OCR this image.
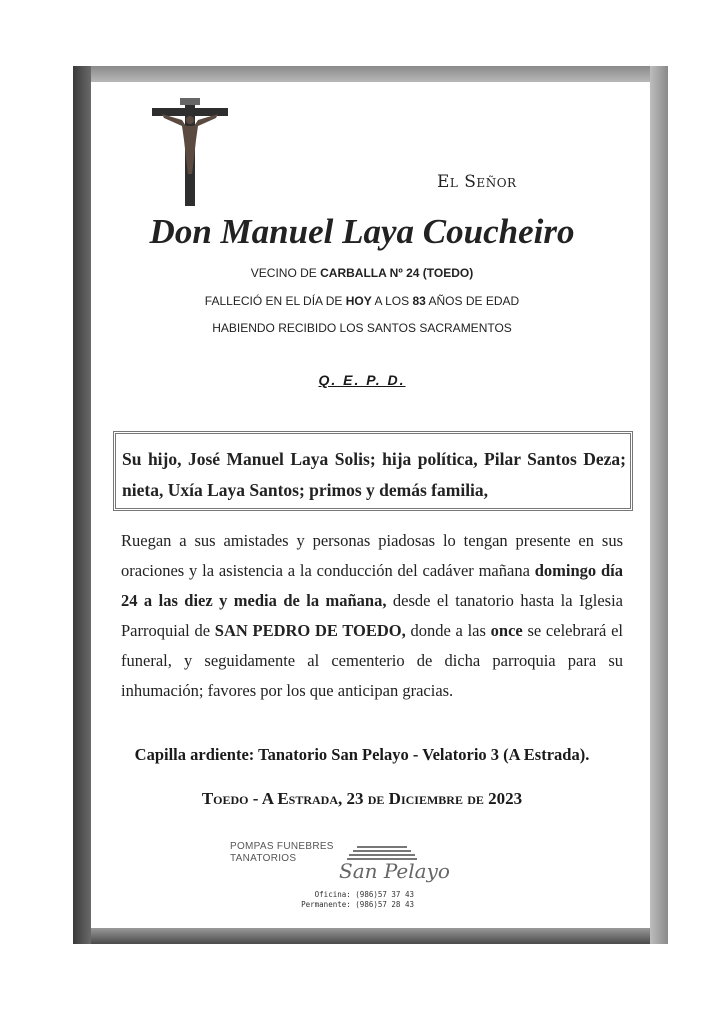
El Señor
Don Manuel Laya Coucheiro
VECINO DE CARBALLA Nº 24 (TOEDO)
FALLECIÓ EN EL DÍA DE HOY A LOS 83 AÑOS DE EDAD
HABIENDO RECIBIDO LOS SANTOS SACRAMENTOS
Q. E. P. D.

Su hijo, José Manuel Laya Solis; hija política, Pilar Santos Deza; nieta, Uxía Laya Santos; primos y demás familia,

Ruegan a sus amistades y personas piadosas lo tengan presente en sus oraciones y la asistencia a la conducción del cadáver mañana domingo día 24 a las diez y media de la mañana, desde el tanatorio hasta la Iglesia Parroquial de SAN PEDRO DE TOEDO, donde a las once se celebrará el funeral, y seguidamente al cementerio de dicha parroquia para su inhumación; favores por los que anticipan gracias.

Capilla ardiente: Tanatorio San Pelayo - Velatorio 3 (A Estrada).
Toedo - A Estrada, 23 de Diciembre de 2023
POMPAS FUNEBRES
TANATORIOS
San Pelayo
Oficina: (986)57 37 43
Permanente: (986)57 28 43
